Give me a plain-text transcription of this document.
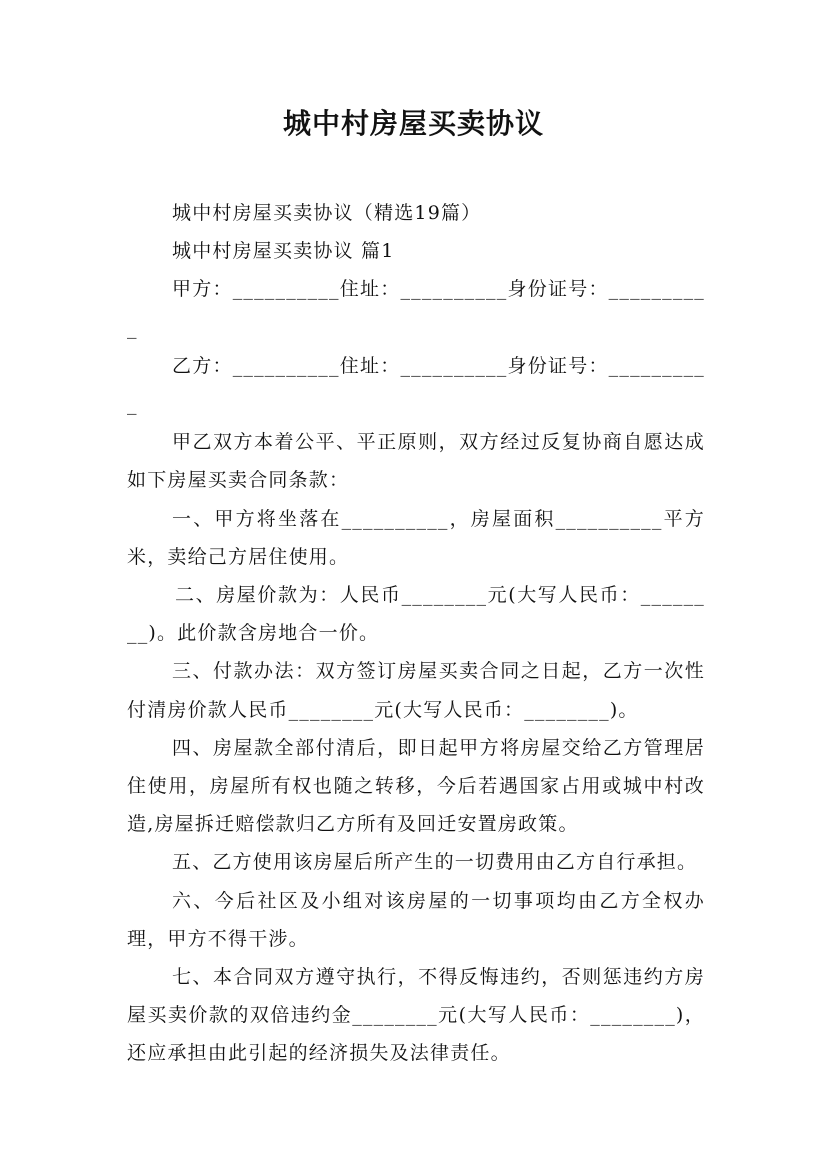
城中村房屋买卖协议

城中村房屋买卖协议（精选19篇）

城中村房屋买卖协议 篇1

甲方：__________住址：__________身份证号：__________

乙方：__________住址：__________身份证号：__________

甲乙双方本着公平、平正原则，双方经过反复协商自愿达成如下房屋买卖合同条款：

一、甲方将坐落在__________，房屋面积__________平方米，卖给己方居住使用。

二、房屋价款为：人民币________元(大写人民币：________)。此价款含房地合一价。

三、付款办法：双方签订房屋买卖合同之日起，乙方一次性付清房价款人民币________元(大写人民币：________)。

四、房屋款全部付清后，即日起甲方将房屋交给乙方管理居住使用，房屋所有权也随之转移，今后若遇国家占用或城中村改造,房屋拆迁赔偿款归乙方所有及回迁安置房政策。

五、乙方使用该房屋后所产生的一切费用由乙方自行承担。

六、今后社区及小组对该房屋的一切事项均由乙方全权办理，甲方不得干涉。

七、本合同双方遵守执行，不得反悔违约，否则惩违约方房屋买卖价款的双倍违约金________元(大写人民币：________)，还应承担由此引起的经济损失及法律责任。
